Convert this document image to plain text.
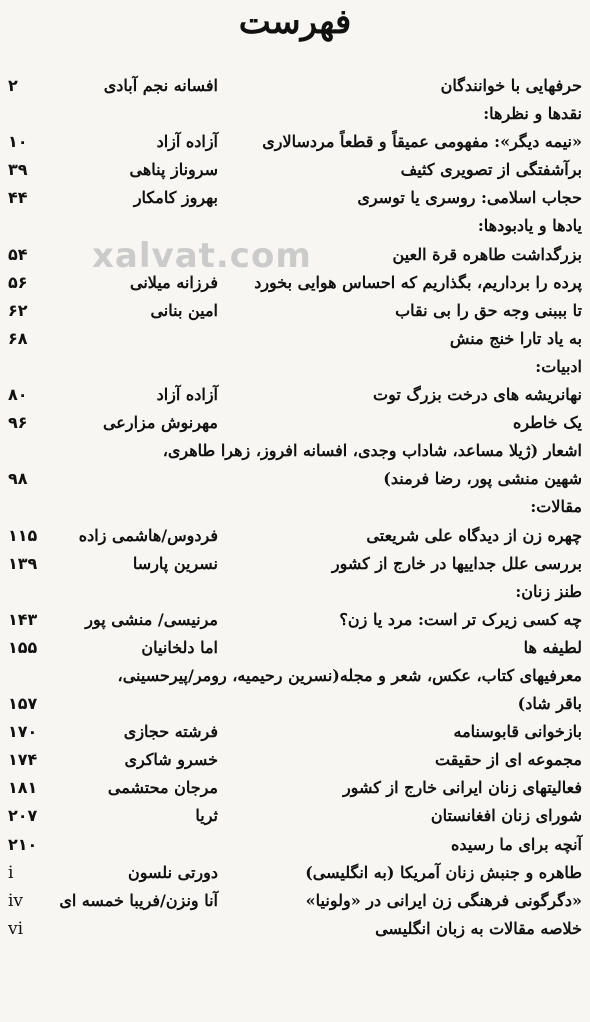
فهرست
xalvat.com
حرفهایی با خوانندگان
افسانه نجم آبادی
۲
نقدها و نظرها:
«نیمه دیگر»: مفهومی عمیقاً و قطعاً مردسالاری
آزاده آزاد
۱۰
برآشفتگی از تصویری کثیف
سروناز پناهی
۳۹
حجاب اسلامی: روسری یا توسری
بهروز کامکار
۴۴
یادها و یادبودها:
بزرگداشت طاهره قرة العین
۵۴
پرده را برداریم، بگذاریم که احساس هوایی بخورد
فرزانه میلانی
۵۶
تا بببنی وجه حق را بی نقاب
امین بنانی
۶۲
به یاد تارا خنج منش
۶۸
ادبیات:
نهانریشه های درخت بزرگ توت
آزاده آزاد
۸۰
یک خاطره
مهرنوش مزارعی
۹۶
اشعار (ژیلا مساعد، شاداب وجدی، افسانه افروز، زهرا طاهری،
شهین منشی پور، رضا فرمند)
۹۸
مقالات:
چهره زن از دیدگاه علی شریعتی
فردوس/هاشمی زاده
۱۱۵
بررسی علل جداییها در خارج از کشور
نسرین پارسا
۱۳۹
طنز زنان:
چه کسی زیرک تر است: مرد یا زن؟
مرنیسی/ منشی پور
۱۴۳
لطیفه ها
اما دلخانیان
۱۵۵
معرفیهای کتاب، عکس، شعر و مجله(نسرین رحیمیه، رومر/پیرحسینی،
باقر شاد)
۱۵۷
بازخوانی قابوسنامه
فرشته حجازی
۱۷۰
مجموعه ای از حقیقت
خسرو شاکری
۱۷۴
فعالیتهای زنان ایرانی خارج از کشور
مرجان محتشمی
۱۸۱
شورای زنان افغانستان
ثریا
۲۰۷
آنچه برای ما رسیده
۲۱۰
طاهره و جنبش زنان آمریکا (به انگلیسی)
دورتی نلسون
i
«دگرگونی فرهنگی زن ایرانی در «ولونیا»
آنا ونزن/فریبا خمسه ای
iv
خلاصه مقالات به زبان انگلیسی
vi
